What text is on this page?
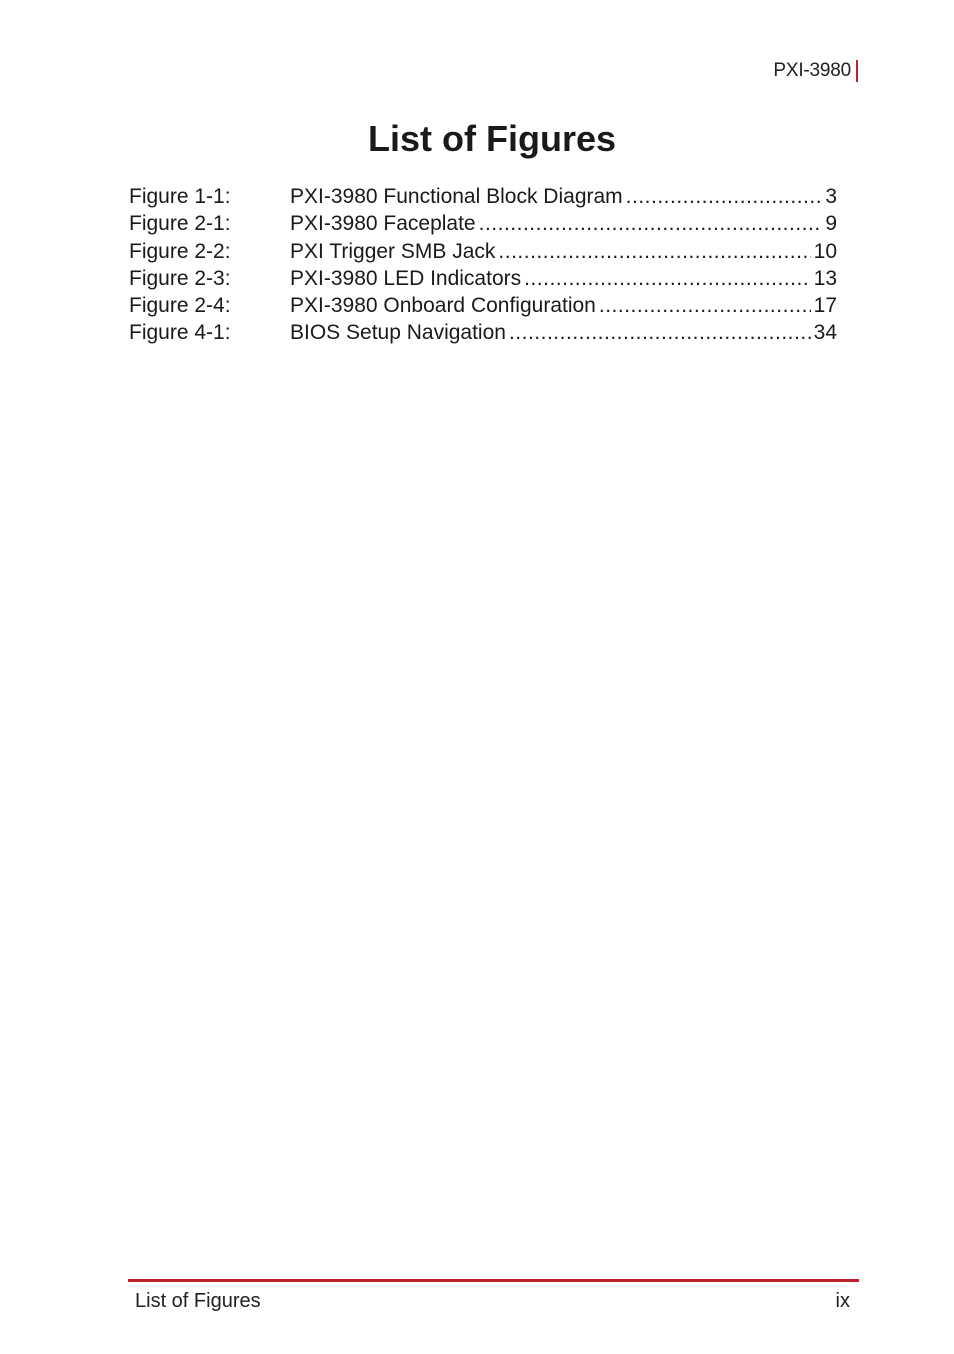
PXI-3980
List of Figures
Figure 1-1:	PXI-3980 Functional Block Diagram .....	3
Figure 2-1:	PXI-3980 Faceplate .....	9
Figure 2-2:	PXI Trigger SMB Jack .....	10
Figure 2-3:	PXI-3980 LED Indicators .....	13
Figure 2-4:	PXI-3980 Onboard Configuration .....	17
Figure 4-1:	BIOS Setup Navigation .....	34
List of Figures	ix
